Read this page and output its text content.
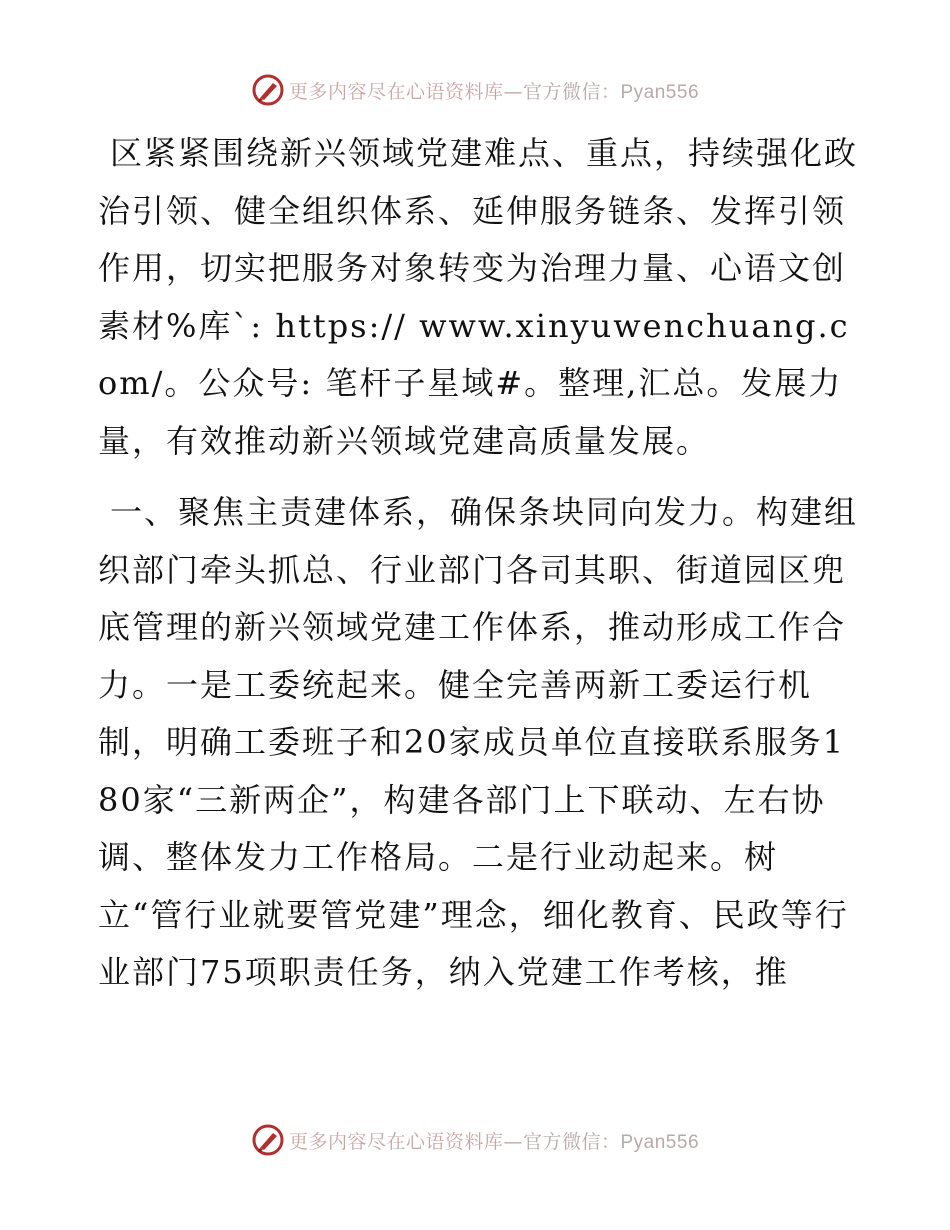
更多内容尽在心语资料库—官方微信：Pyan556

区紧紧围绕新兴领域党建难点、重点，持续强化政治引领、健全组织体系、延伸服务链条、发挥引领作用，切实把服务对象转变为治理力量、心语文创素材%库`: https:// www.xinyuwenchuang.com/。公众号: 笔杆子星域#。整理,汇总。发展力量，有效推动新兴领域党建高质量发展。

一、聚焦主责建体系，确保条块同向发力。构建组织部门牵头抓总、行业部门各司其职、街道园区兜底管理的新兴领域党建工作体系，推动形成工作合力。一是工委统起来。健全完善两新工委运行机制，明确工委班子和20家成员单位直接联系服务180家“三新两企”，构建各部门上下联动、左右协调、整体发力工作格局。二是行业动起来。树立“管行业就要管党建”理念，细化教育、民政等行业部门75项职责任务，纳入党建工作考核，推

更多内容尽在心语资料库—官方微信：Pyan556
